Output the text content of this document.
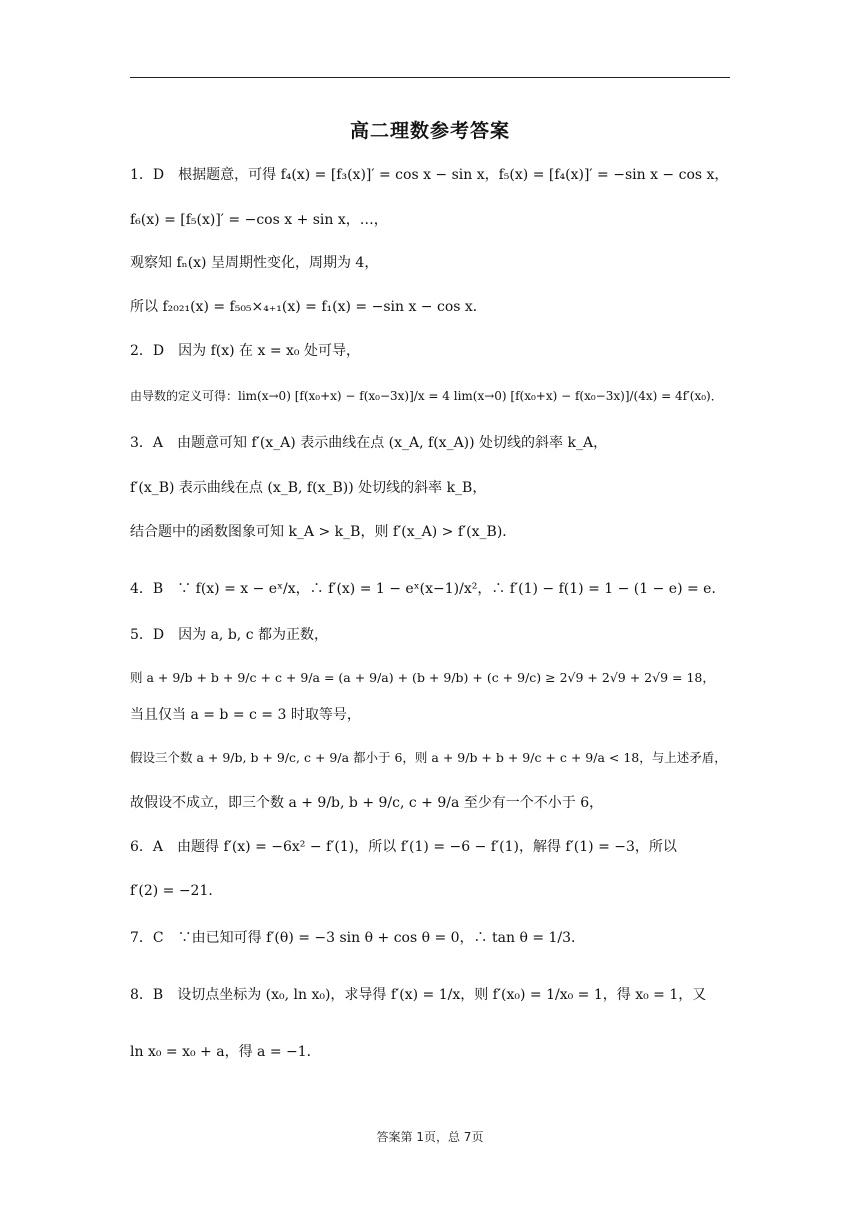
高二理数参考答案
1．D　根据题意，可得 f₄(x) = [f₃(x)]′ = cos x − sin x，f₅(x) = [f₄(x)]′ = −sin x − cos x，
f₆(x) = [f₅(x)]′ = −cos x + sin x，…，
观察知 fₙ(x) 呈周期性变化，周期为 4，
所以 f₂₀₂₁(x) = f₅₀₅×₄₊₁(x) = f₁(x) = −sin x − cos x．
2．D　因为 f(x) 在 x = x₀ 处可导，
由导数的定义可得：lim(x→0) [f(x₀+x) − f(x₀−3x)]/x = 4 lim(x→0) [f(x₀+x) − f(x₀−3x)]/(4x) = 4f′(x₀)．
3．A　由题意可知 f′(x_A) 表示曲线在点 (x_A, f(x_A)) 处切线的斜率 k_A，
f′(x_B) 表示曲线在点 (x_B, f(x_B)) 处切线的斜率 k_B，
结合题中的函数图象可知 k_A > k_B，则 f′(x_A) > f′(x_B)．
4．B　∵ f(x) = x − eˣ/x，∴ f′(x) = 1 − eˣ(x−1)/x²，∴ f′(1) − f(1) = 1 − (1 − e) = e．
5．D　因为 a, b, c 都为正数，
则 a + 9/b + b + 9/c + c + 9/a = (a + 9/a) + (b + 9/b) + (c + 9/c) ≥ 2√9 + 2√9 + 2√9 = 18，
当且仅当 a = b = c = 3 时取等号，
假设三个数 a + 9/b, b + 9/c, c + 9/a 都小于 6，则 a + 9/b + b + 9/c + c + 9/a < 18，与上述矛盾，
故假设不成立，即三个数 a + 9/b, b + 9/c, c + 9/a 至少有一个不小于 6，
6．A　由题得 f′(x) = −6x² − f′(1)，所以 f′(1) = −6 − f′(1)，解得 f′(1) = −3，所以
f′(2) = −21．
7．C　∵由已知可得 f′(θ) = −3 sin θ + cos θ = 0，∴ tan θ = 1/3．
8．B　设切点坐标为 (x₀, ln x₀)，求导得 f′(x) = 1/x，则 f′(x₀) = 1/x₀ = 1，得 x₀ = 1，又
ln x₀ = x₀ + a，得 a = −1．
答案第 1页，总 7页
